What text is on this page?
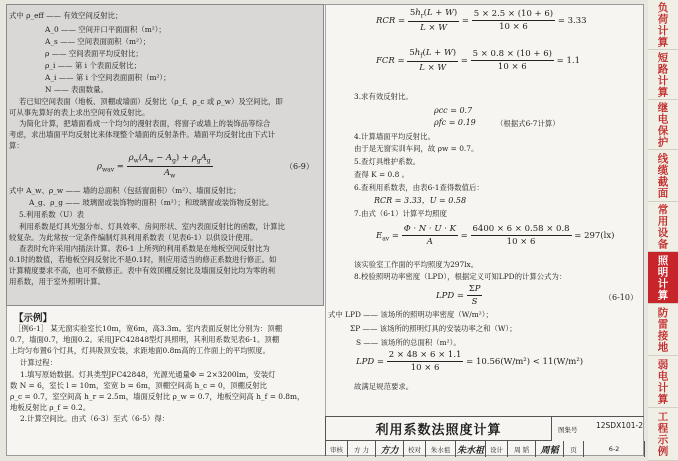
式中 ρ_eff —— 有效空间反射比；
A_0 —— 空间开口平面面积（m²）；
A_s —— 空间表面面积（m²）；
ρ —— 空间表面平均反射比；
ρ_i —— 第 i 个表面反射比；
A_i —— 第 i 个空间表面面积（m²）；
N —— 表面数量。
若已知空间表面（地板、顶棚或墙面）反射比（ρ_f、ρ_c 或 ρ_w）及空间比，即
可从事先算好的表上求出空间有效反射比。
为简化计算，把墙面看成一个均匀的漫射表面，将窗子或墙上的装饰品等综合
考虑，求出墙面平均反射比来体现整个墙面的反射条件。墙面平均反射比由下式计
算：
$\rho_{wav} = \frac{\rho_w(A_w - A_g) + \rho_gA_g}{A_w}$	（6-9）
式中 A_w、ρ_w —— 墙的总面积（包括窗面积）（m²）、墙面反射比；
A_g、ρ_g —— 玻璃窗或装饰物的面积（m²）；和玻璃窗或装饰物反射比。
5.利用系数（U）表
利用系数是灯具光强分布、灯具效率、房间形状、室内表面反射比的函数，计算比
较复杂。为此常按一定条件编制灯具利用系数表（见表6-1）以供设计使用。
查表时允许采用内插法计算。表6-1 上所列的利用系数是在地板空间反射比为
0.1时的数值，若地板空间反射比不是0.1时，则应用适当的修正系数进行修正。如
计算精度要求不高，也可不做修正。表中有效顶棚反射比及墙面反射比均为零的利
用系数，用于室外照明计算。
【示例】
［例6-1］ 某无窗实验室长10m，宽6m，高3.3m。室内表面反射比分别为：顶棚
0.7，墙面0.7，地面0.2。采用JFC42848型灯具照明，其利用系数见表6-1。顶棚
上均匀布置6个灯具，灯具吸顶安装，求距地面0.8m高的工作面上的平均照度。
计算过程：
1.填写原始数据。灯具类型JFC42848，光源光通量Φ = 2×3200lm，安装灯
数 N = 6，室长 l = 10m，室宽 b = 6m，顶棚空间高 h_c = 0，顶棚反射比
ρ_c = 0.7，室空间高 h_r = 2.5m，墙面反射比 ρ_w = 0.7，地板空间高 h_f = 0.8m，
地板反射比 ρ_f = 0.2。
2.计算空间比。由式（6-3）至式（6-5）得：
RCR = $\frac{5h_r(L + W)}{L \times W} = \frac{5 \times 2.5 \times (10 + 6)}{10 \times 6} = 3.33$
FCR = $\frac{5h_f(L + W)}{L \times W} = \frac{5 \times 0.8 \times (10 + 6)}{10 \times 6} = 1.1$
3.求有效反射比。
ρcc = 0.7
ρfc = 0.19	（根据式6-7计算）
4.计算墙面平均反射比。
由于是无窗实训车间，故 ρw = 0.7。
5.查灯具维护系数。
查得 K = 0.8 。
6.查利用系数表，由表6-1查得数值后：
RCR = 3.33，U = 0.58
7.由式（6-1）计算平均照度
$E_{av} = \frac{\Phi \cdot N \cdot U \cdot K}{A} = \frac{6400 \times 6 \times 0.58 \times 0.8}{10 \times 6} = 297(lx)$
该实验室工作面的平均照度为297lx。
8.校验照明功率密度（LPD），根据定义可知LPD的计算公式为：
LPD = $\frac{\Sigma P}{S}$	（6-10）
式中 LPD —— 该场所的照明功率密度（W/m²）；
ΣP —— 该场所的照明灯具的安装功率之和（W）；
S —— 该场所的总面积（m²）。
LPD = $\frac{2 \times 48 \times 6 \times 1.1}{10 \times 6} = 10.56(W/m^2) < 11(W/m^2)$
故满足规范要求。
利用系数法照度计算	图集号 12SDX101-2
审核	方 力	方力	校对	朱水祖 朱水祖 设计	周 韬	周韬	页	6-2
负荷计算
短路计算
继电保护
线缆截面
常用设备
照明计算
防雷接地
弱电计算
工程示例
